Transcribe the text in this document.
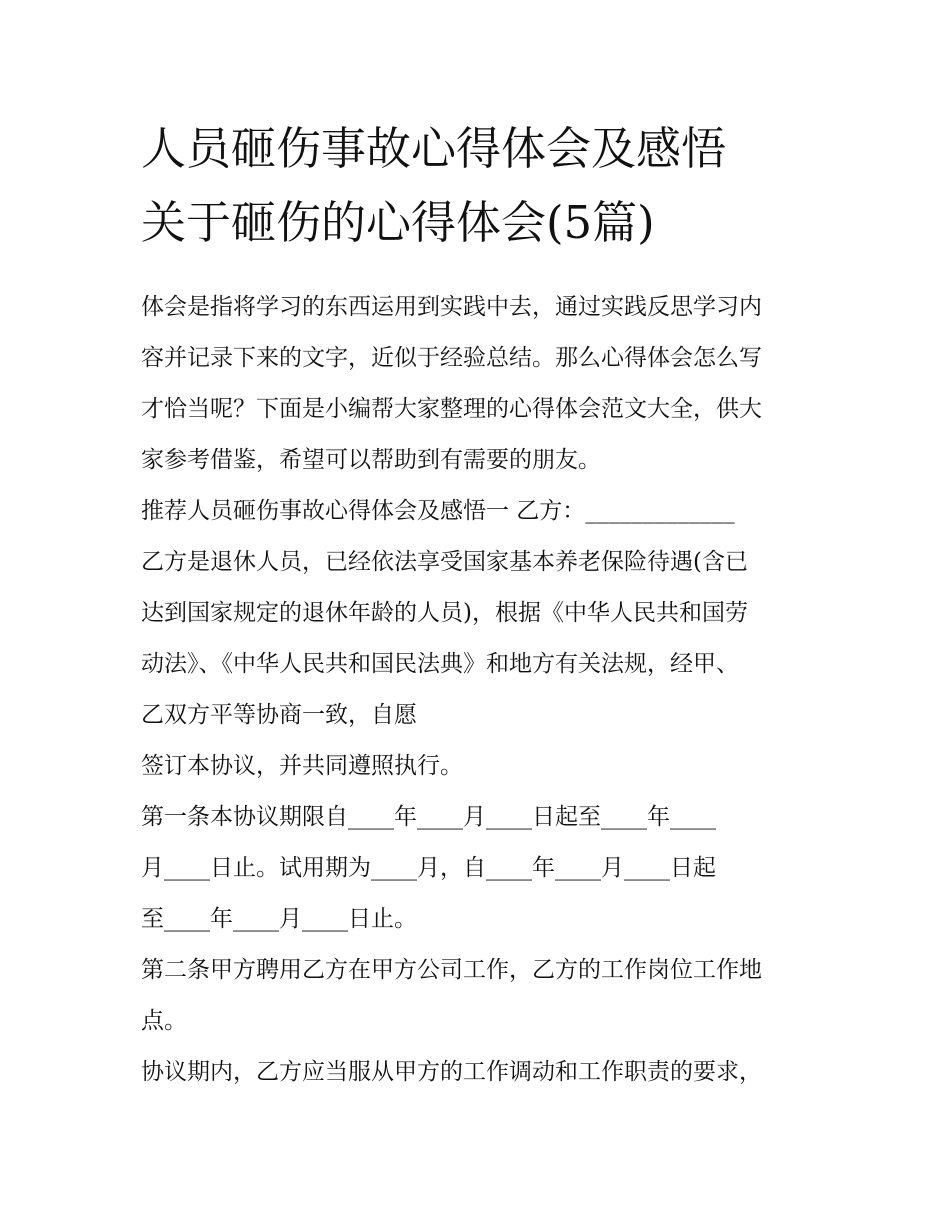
人员砸伤事故心得体会及感悟
关于砸伤的心得体会(5篇)

体会是指将学习的东西运用到实践中去，通过实践反思学习内
容并记录下来的文字，近似于经验总结。那么心得体会怎么写
才恰当呢？下面是小编帮大家整理的心得体会范文大全，供大
家参考借鉴，希望可以帮助到有需要的朋友。

推荐人员砸伤事故心得体会及感悟一 乙方：_____________

乙方是退休人员，已经依法享受国家基本养老保险待遇(含已
达到国家规定的退休年龄的人员)，根据《中华人民共和国劳
动法》、《中华人民共和国民法典》和地方有关法规，经甲、
乙双方平等协商一致，自愿

签订本协议，并共同遵照执行。

第一条本协议期限自____年____月____日起至____年____
月____日止。试用期为____月，自____年____月____日起
至____年____月____日止。

第二条甲方聘用乙方在甲方公司工作，乙方的工作岗位工作地
点。

协议期内，乙方应当服从甲方的工作调动和工作职责的要求，
